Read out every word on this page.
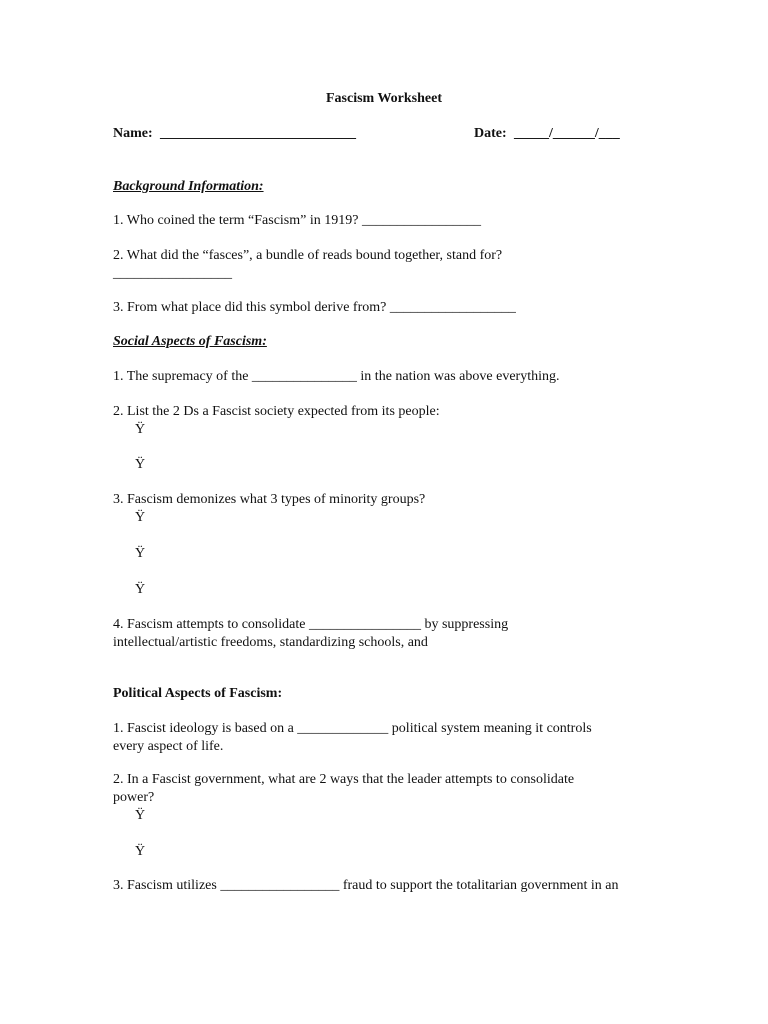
Fascism Worksheet
Name: ____________________________	Date: _____/______/___
Background Information:
1. Who coined the term “Fascism” in 1919? _________________
2. What did the “fasces”, a bundle of reads bound together, stand for?
_________________
3. From what place did this symbol derive from? __________________
Social Aspects of Fascism:
1. The supremacy of the _______________ in the nation was above everything.
2. List the 2 Ds a Fascist society expected from its people:
Ÿ
Ÿ
3. Fascism demonizes what 3 types of minority groups?
Ÿ
Ÿ
Ÿ
4. Fascism attempts to consolidate ________________ by suppressing
intellectual/artistic freedoms, standardizing schools, and
Political Aspects of Fascism:
1. Fascist ideology is based on a _____________ political system meaning it controls
every aspect of life.
2. In a Fascist government, what are 2 ways that the leader attempts to consolidate
power?
Ÿ
Ÿ
3. Fascism utilizes _________________ fraud to support the totalitarian government in an
